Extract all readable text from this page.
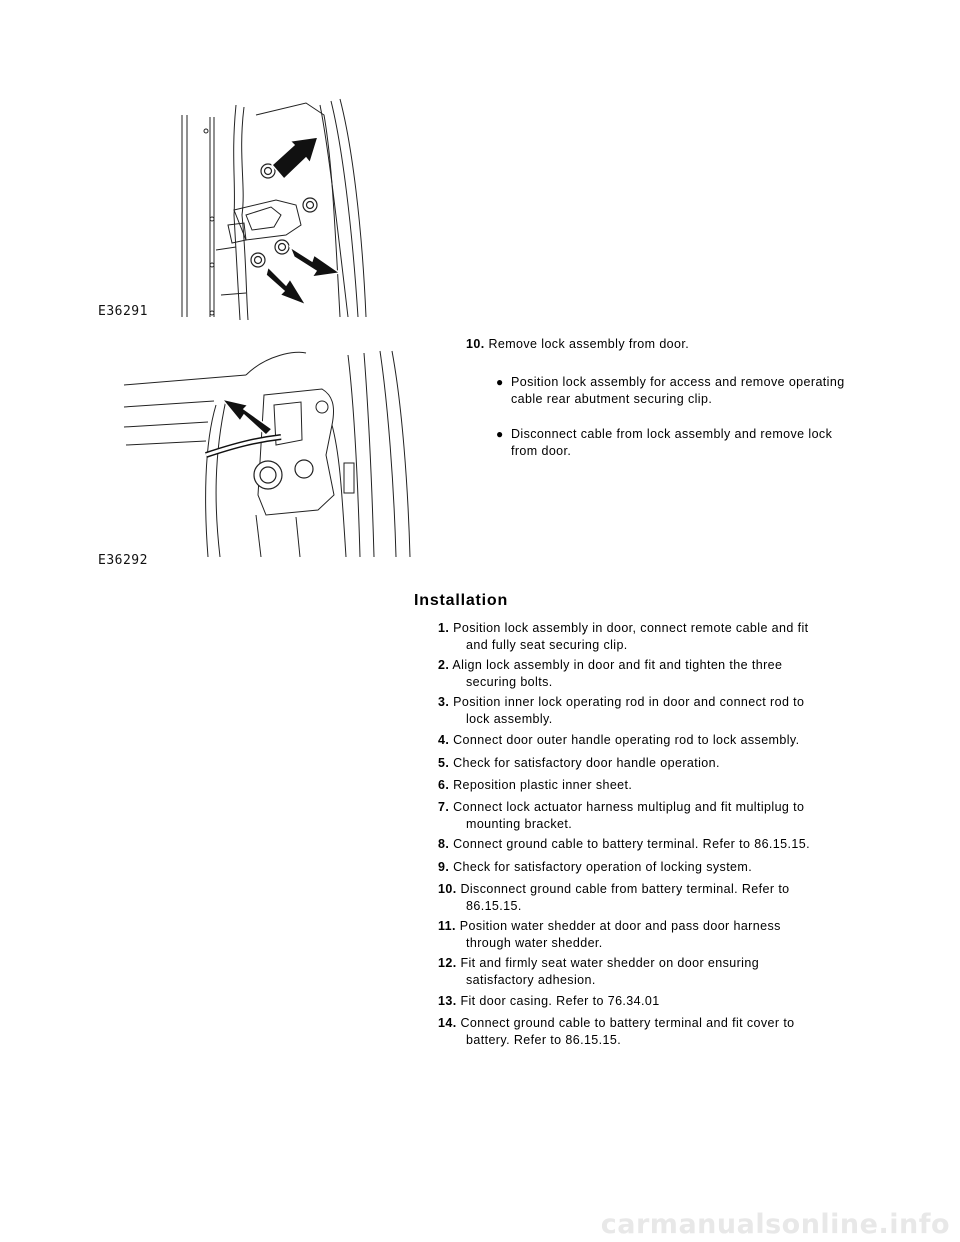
E36291
E36292
10. Remove lock assembly from door.
● Position lock assembly for access and remove operating
cable rear abutment securing clip.
● Disconnect cable from lock assembly and remove lock
from door.
Installation
1. Position lock assembly in door, connect remote cable and fit
and fully seat securing clip.
2. Align lock assembly in door and fit and tighten the three
securing bolts.
3. Position inner lock operating rod in door and connect rod to
lock assembly.
4. Connect door outer handle operating rod to lock assembly.
5. Check for satisfactory door handle operation.
6. Reposition plastic inner sheet.
7. Connect lock actuator harness multiplug and fit multiplug to
mounting bracket.
8. Connect ground cable to battery terminal. Refer to 86.15.15.
9. Check for satisfactory operation of locking system.
10. Disconnect ground cable from battery terminal. Refer to
86.15.15.
11. Position water shedder at door and pass door harness
through water shedder.
12. Fit and firmly seat water shedder on door ensuring
satisfactory adhesion.
13. Fit door casing. Refer to 76.34.01
14. Connect ground cable to battery terminal and fit cover to
battery. Refer to 86.15.15.
carmanualsonline.info
